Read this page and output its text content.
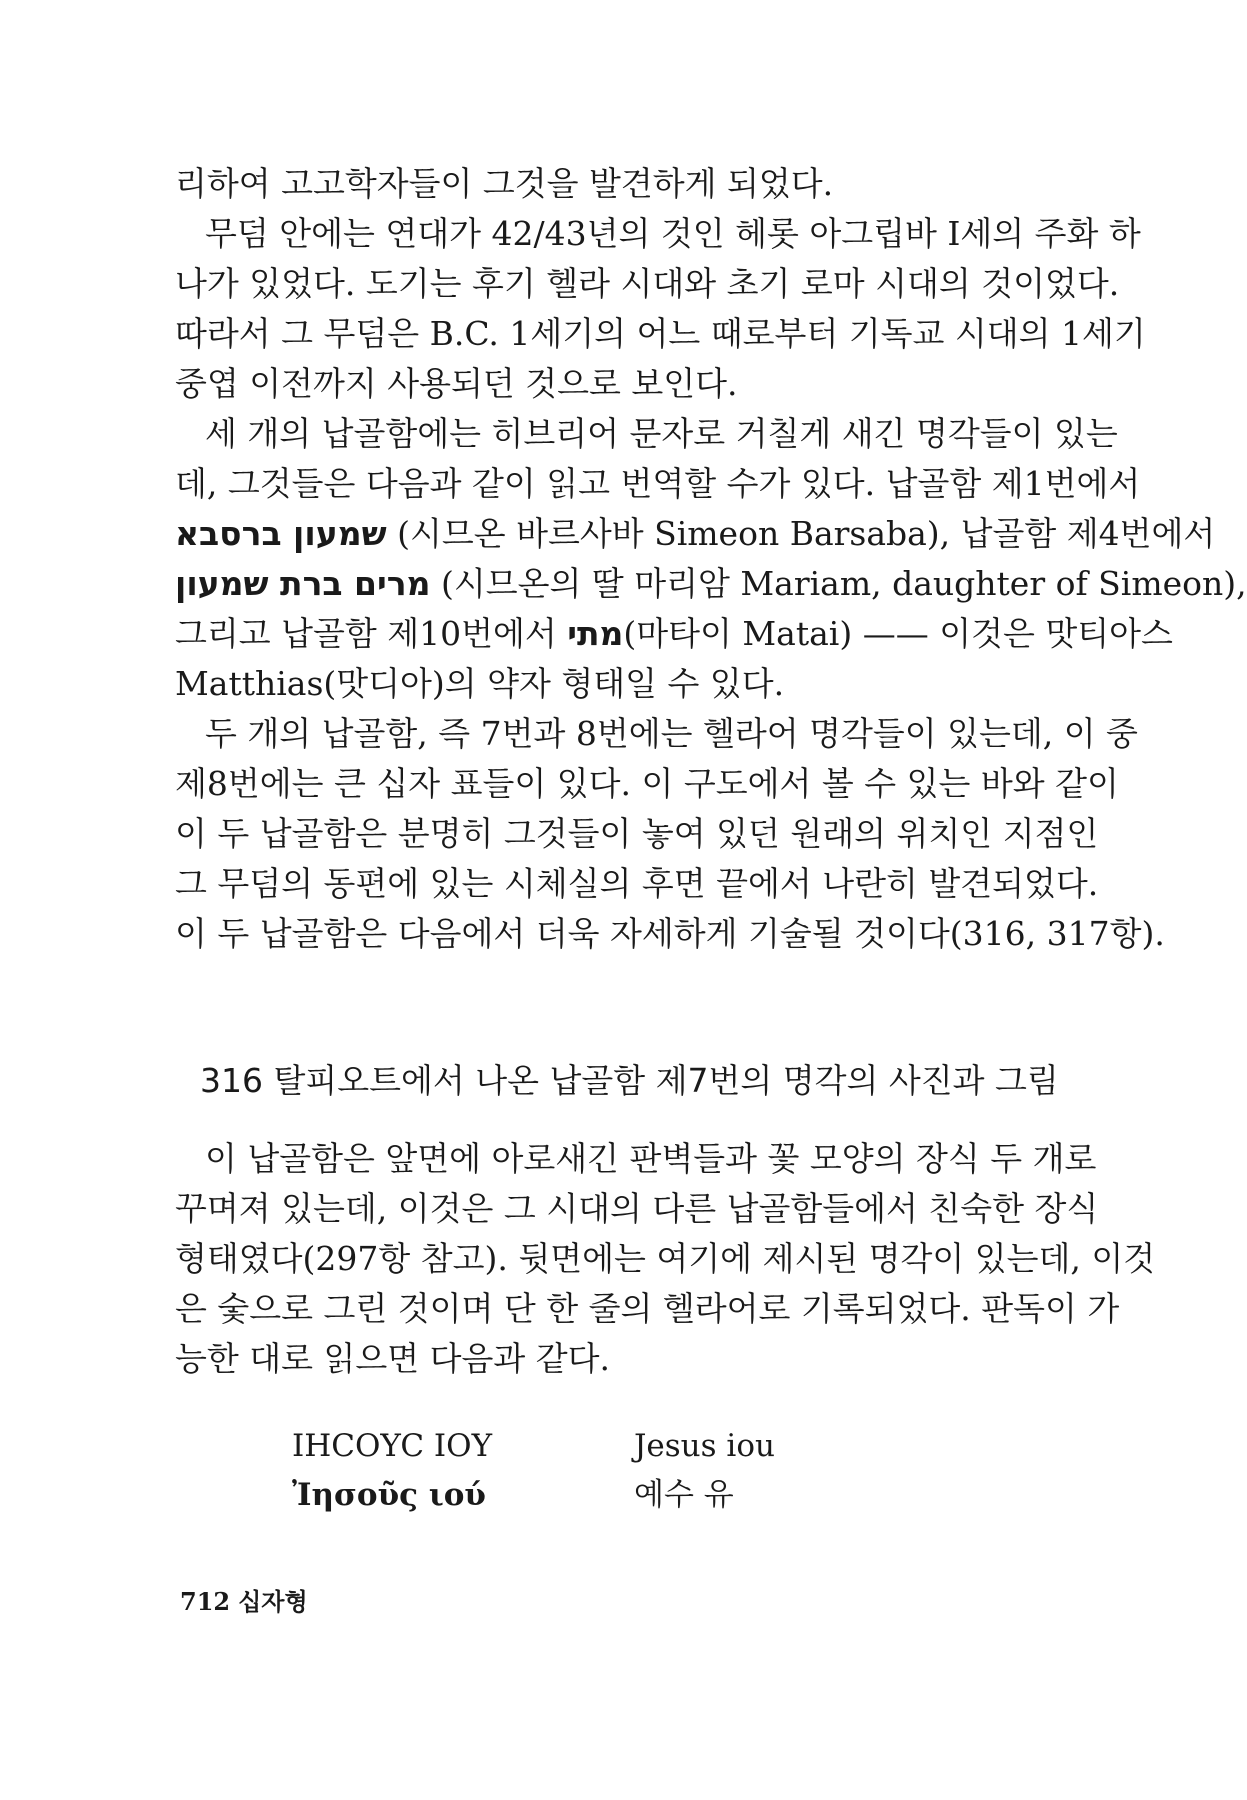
리하여 고고학자들이 그것을 발견하게 되었다.
무덤 안에는 연대가 42/43년의 것인 헤롯 아그립바 I세의 주화 하
나가 있었다. 도기는 후기 헬라 시대와 초기 로마 시대의 것이었다.
따라서 그 무덤은 B.C. 1세기의 어느 때로부터 기독교 시대의 1세기
중엽 이전까지 사용되던 것으로 보인다.
세 개의 납골함에는 히브리어 문자로 거칠게 새긴 명각들이 있는
데, 그것들은 다음과 같이 읽고 번역할 수가 있다. 납골함 제1번에서
שמעון ברסבא (시므온 바르사바 Simeon Barsaba), 납골함 제4번에서
מרים ברת שמעון (시므온의 딸 마리암 Mariam, daughter of Simeon),
그리고 납골함 제10번에서 מתי(마타이 Matai) —— 이것은 맛티아스
Matthias(맛디아)의 약자 형태일 수 있다.
두 개의 납골함, 즉 7번과 8번에는 헬라어 명각들이 있는데, 이 중
제8번에는 큰 십자 표들이 있다. 이 구도에서 볼 수 있는 바와 같이
이 두 납골함은 분명히 그것들이 놓여 있던 원래의 위치인 지점인
그 무덤의 동편에 있는 시체실의 후면 끝에서 나란히 발견되었다.
이 두 납골함은 다음에서 더욱 자세하게 기술될 것이다(316, 317항).
316 탈피오트에서 나온 납골함 제7번의 명각의 사진과 그림
이 납골함은 앞면에 아로새긴 판벽들과 꽃 모양의 장식 두 개로
꾸며져 있는데, 이것은 그 시대의 다른 납골함들에서 친숙한 장식
형태였다(297항 참고). 뒷면에는 여기에 제시된 명각이 있는데, 이것
은 숯으로 그린 것이며 단 한 줄의 헬라어로 기록되었다. 판독이 가
능한 대로 읽으면 다음과 같다.
IHCOYC IOY	Jesus iou
Ἰησοῦς ιού	예수 유
712 십자형
